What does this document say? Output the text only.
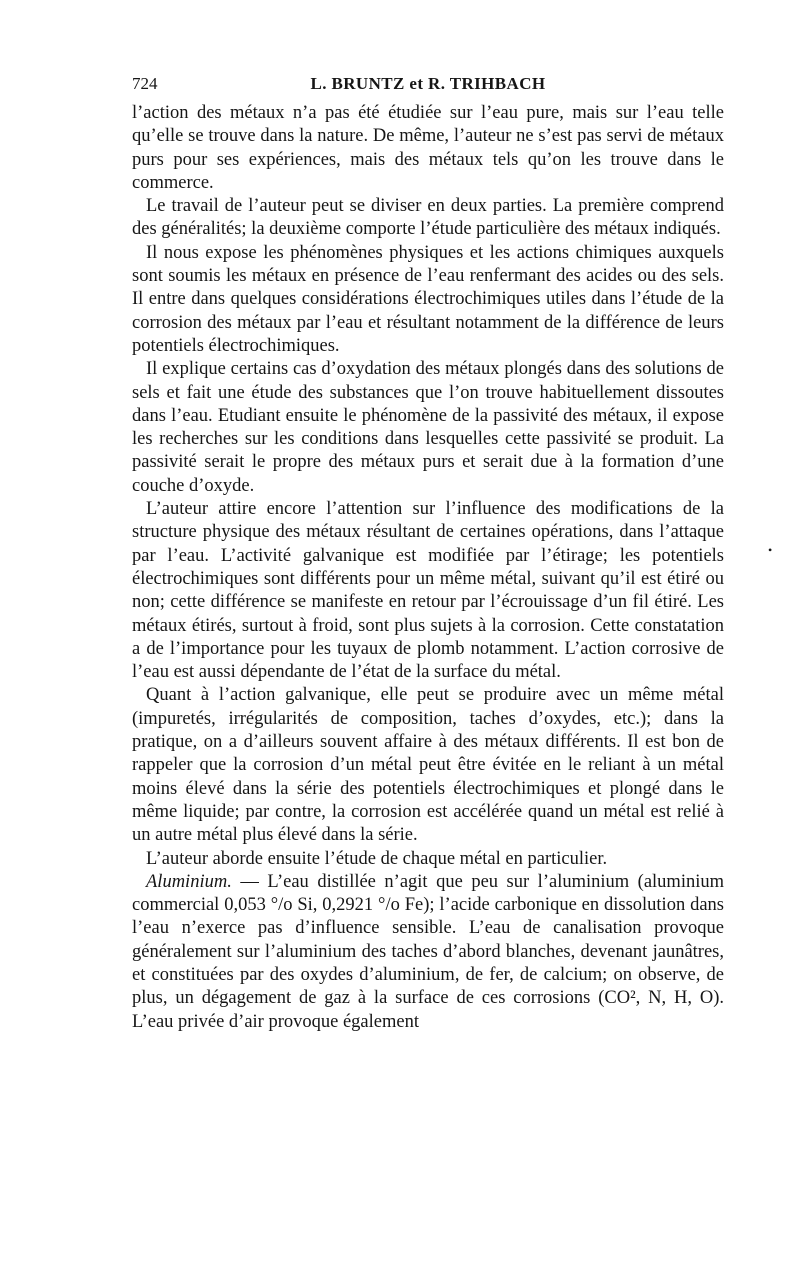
724	L. BRUNTZ et R. TRIHBACH

l’action des métaux n’a pas été étudiée sur l’eau pure, mais sur l’eau telle qu’elle se trouve dans la nature. De même, l’auteur ne s’est pas servi de métaux purs pour ses expériences, mais des métaux tels qu’on les trouve dans le commerce.

Le travail de l’auteur peut se diviser en deux parties. La première comprend des généralités; la deuxième comporte l’étude particulière des métaux indiqués.

Il nous expose les phénomènes physiques et les actions chimiques auxquels sont soumis les métaux en présence de l’eau renfermant des acides ou des sels. Il entre dans quelques considérations électrochimiques utiles dans l’étude de la corrosion des métaux par l’eau et résultant notamment de la différence de leurs potentiels électrochimiques.

Il explique certains cas d’oxydation des métaux plongés dans des solutions de sels et fait une étude des substances que l’on trouve habituellement dissoutes dans l’eau. Etudiant ensuite le phénomène de la passivité des métaux, il expose les recherches sur les conditions dans lesquelles cette passivité se produit. La passivité serait le propre des métaux purs et serait due à la formation d’une couche d’oxyde.

L’auteur attire encore l’attention sur l’influence des modifications de la structure physique des métaux résultant de certaines opérations, dans l’attaque par l’eau. L’activité galvanique est modifiée par l’étirage; les potentiels électrochimiques sont différents pour un même métal, suivant qu’il est étiré ou non; cette différence se manifeste en retour par l’écrouissage d’un fil étiré. Les métaux étirés, surtout à froid, sont plus sujets à la corrosion. Cette constatation a de l’importance pour les tuyaux de plomb notamment. L’action corrosive de l’eau est aussi dépendante de l’état de la surface du métal.

Quant à l’action galvanique, elle peut se produire avec un même métal (impuretés, irrégularités de composition, taches d’oxydes, etc.); dans la pratique, on a d’ailleurs souvent affaire à des métaux différents. Il est bon de rappeler que la corrosion d’un métal peut être évitée en le reliant à un métal moins élevé dans la série des potentiels électrochimiques et plongé dans le même liquide; par contre, la corrosion est accélérée quand un métal est relié à un autre métal plus élevé dans la série.

L’auteur aborde ensuite l’étude de chaque métal en particulier.

Aluminium. — L’eau distillée n’agit que peu sur l’aluminium (aluminium commercial 0,053 °/o Si, 0,2921 °/o Fe); l’acide carbonique en dissolution dans l’eau n’exerce pas d’influence sensible. L’eau de canalisation provoque généralement sur l’aluminium des taches d’abord blanches, devenant jaunâtres, et constituées par des oxydes d’aluminium, de fer, de calcium; on observe, de plus, un dégagement de gaz à la surface de ces corrosions (CO², N, H, O). L’eau privée d’air provoque également

•
